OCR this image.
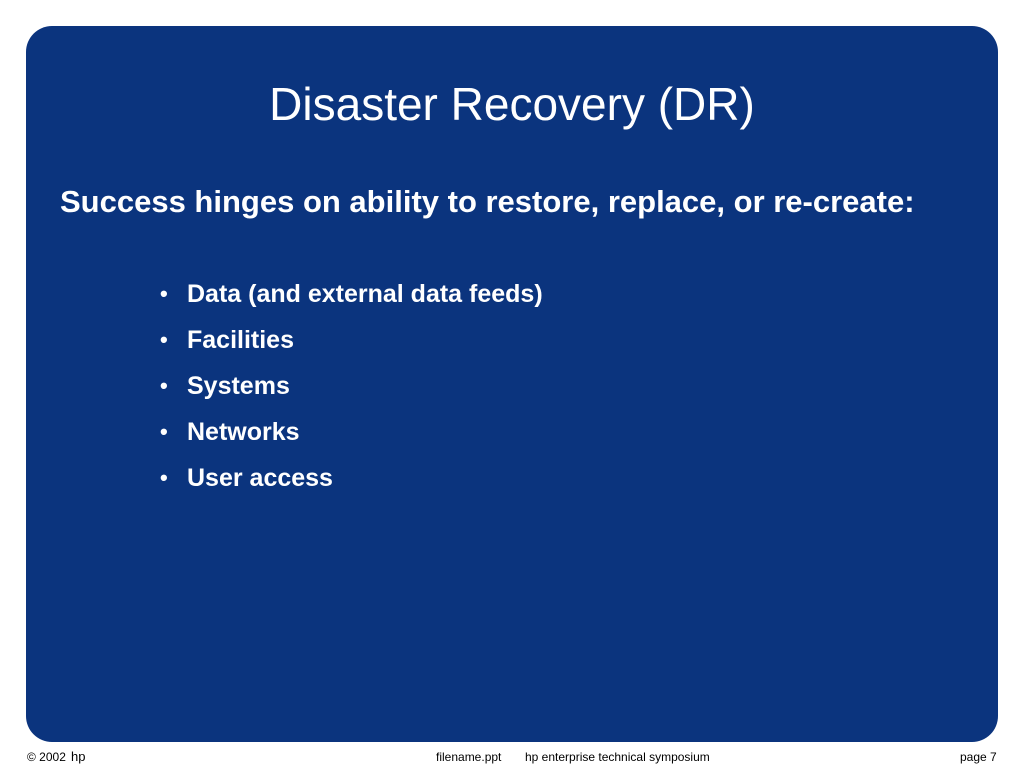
Disaster Recovery (DR)
Success hinges on ability to restore, replace, or re-create:
• Data (and external data feeds)
• Facilities
• Systems
• Networks
• User access
© 2002 hp	filename.ppt hp enterprise technical symposium	page 7
